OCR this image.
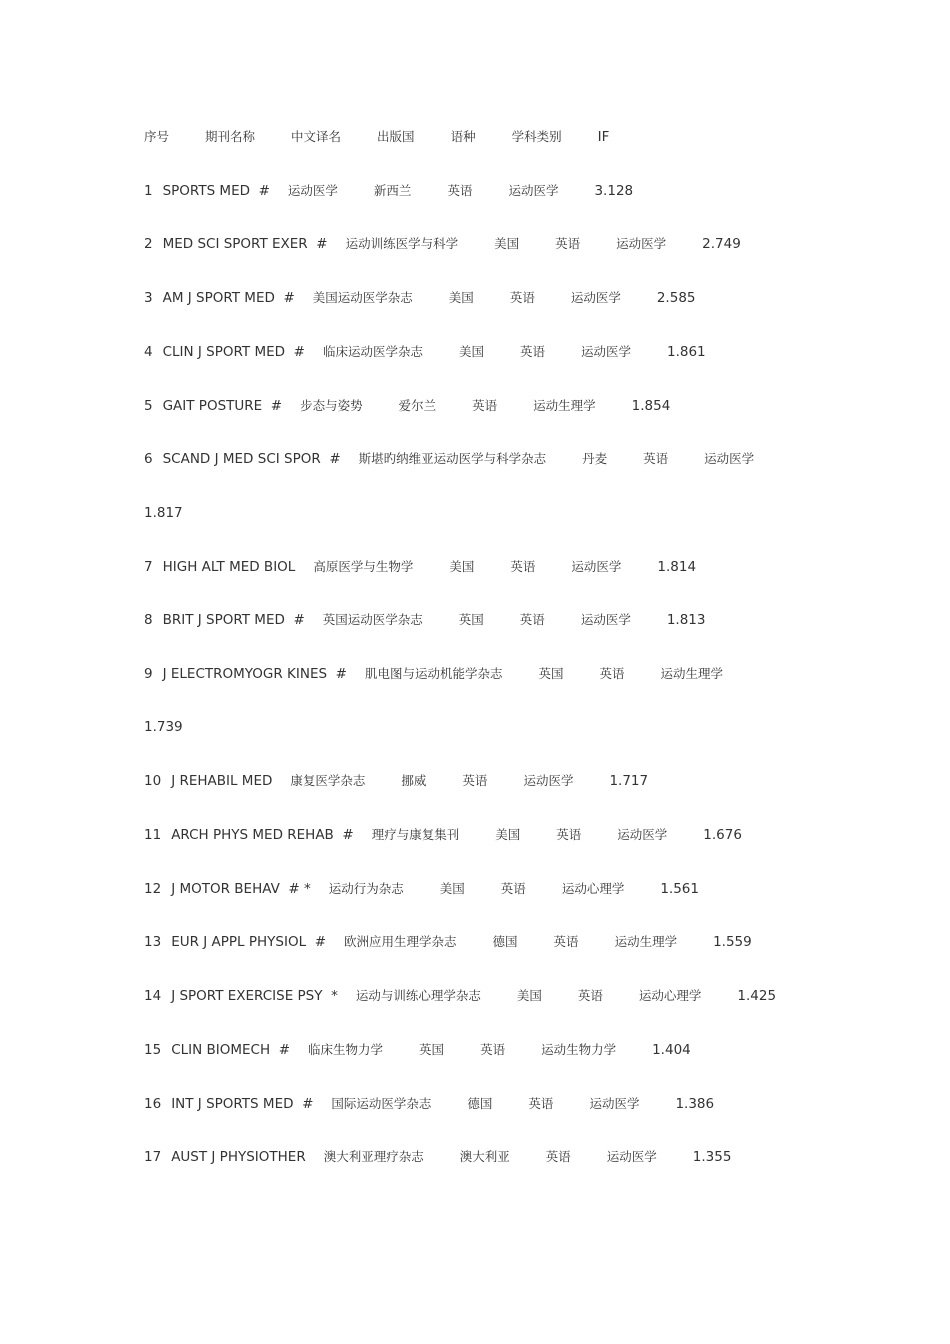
序号	期刊名称	中文译名	出版国	语种	学科类别	IF
1 SPORTS MED  # 运动医学	新西兰	英语	运动医学	3.128
2 MED SCI SPORT EXER  # 运动训练医学与科学	美国	英语	运动医学	2.749
3 AM J SPORT MED  # 美国运动医学杂志	美国	英语	运动医学	2.585
4 CLIN J SPORT MED  # 临床运动医学杂志	美国	英语	运动医学	1.861
5 GAIT POSTURE  # 步态与姿势	爱尔兰	英语	运动生理学	1.854
6 SCAND J MED SCI SPOR  # 斯堪旳纳维亚运动医学与科学杂志	丹麦	英语	运动医学
1.817
7 HIGH ALT MED BIOL 高原医学与生物学	美国	英语	运动医学	1.814
8 BRIT J SPORT MED  # 英国运动医学杂志	英国	英语	运动医学	1.813
9 J ELECTROMYOGR KINES  # 肌电图与运动机能学杂志	英国	英语	运动生理学
1.739
10 J REHABIL MED 康复医学杂志	挪威	英语	运动医学	1.717
11 ARCH PHYS MED REHAB  # 理疗与康复集刊	美国	英语	运动医学	1.676
12 J MOTOR BEHAV  # * 运动行为杂志	美国	英语	运动心理学	1.561
13 EUR J APPL PHYSIOL  # 欧洲应用生理学杂志	德国	英语	运动生理学	1.559
14 J SPORT EXERCISE PSY  * 运动与训练心理学杂志	美国	英语	运动心理学	1.425
15 CLIN BIOMECH  # 临床生物力学	英国	英语	运动生物力学	1.404
16 INT J SPORTS MED  # 国际运动医学杂志	德国	英语	运动医学	1.386
17 AUST J PHYSIOTHER 澳大利亚理疗杂志	澳大利亚	英语	运动医学	1.355
